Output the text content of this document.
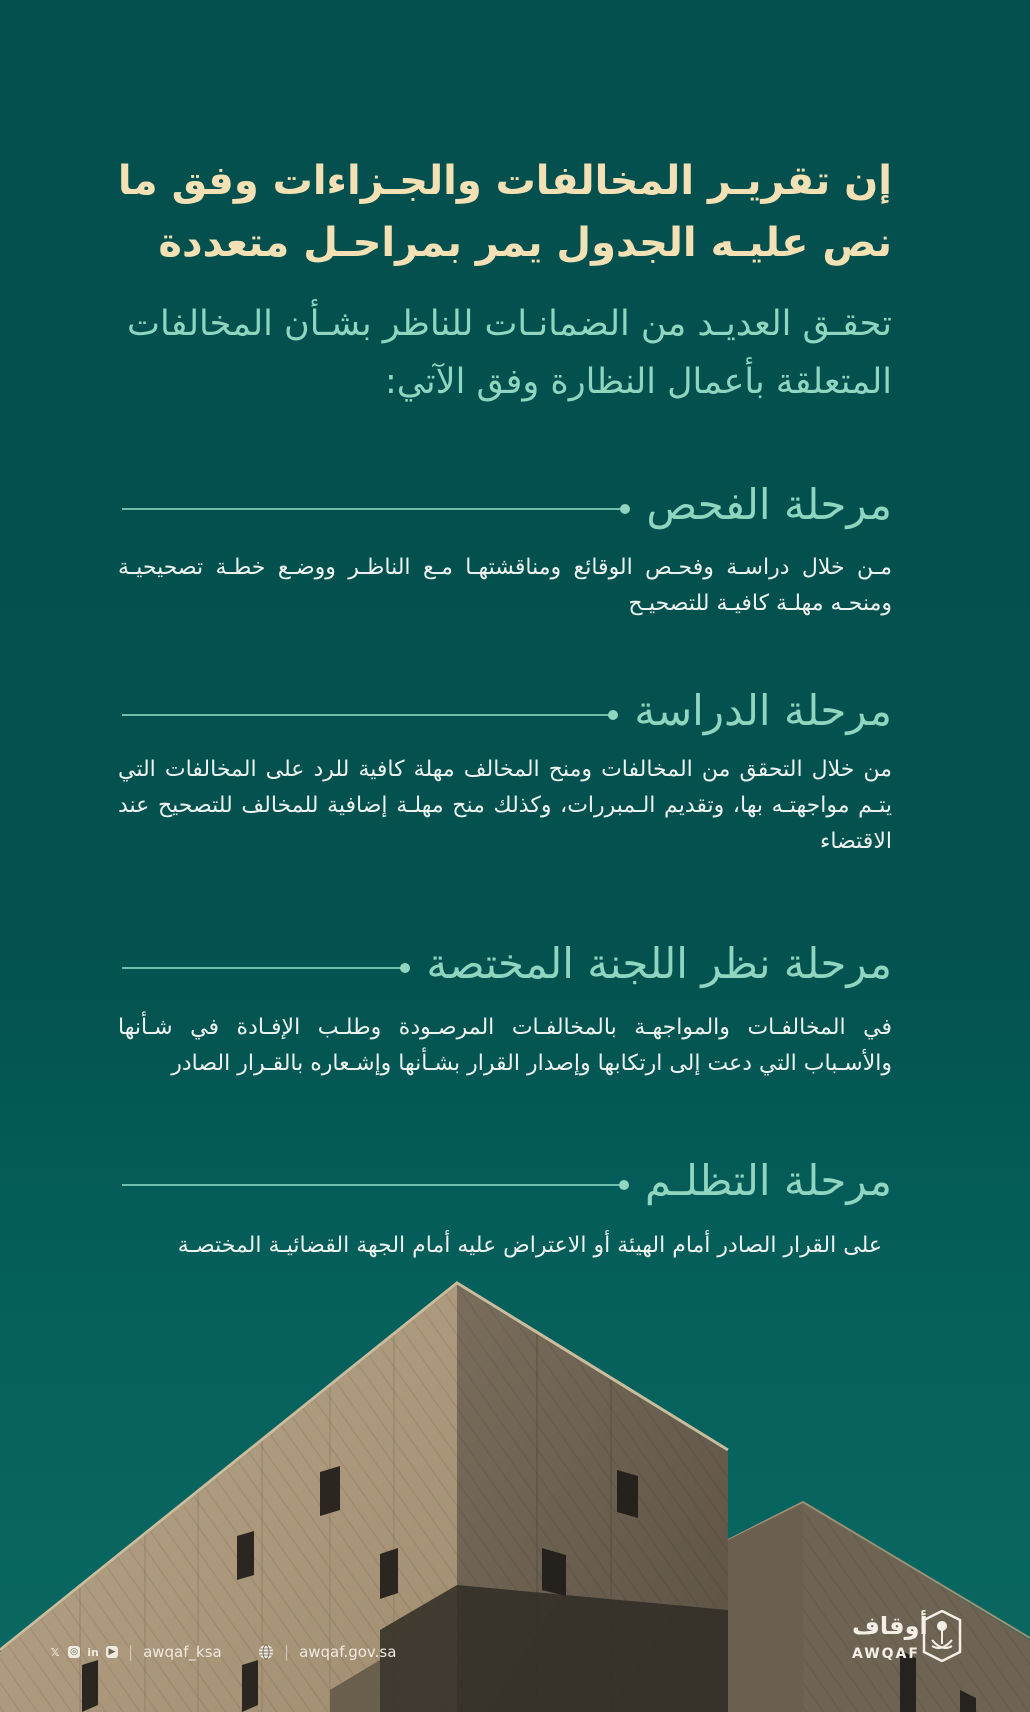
إن تقريـر المخالفات والجـزاءات وفق ما نص عليـه الجدول يمر بمراحـل متعددة

تحقـق العديـد من الضمانـات للناظر بشـأن المخالفات المتعلقة بأعمال النظارة وفق الآتي:

مرحلة الفحص

مـن خلال دراسـة وفحـص الوقائع ومناقشتهـا مـع الناظـر ووضـع خطـة تصحيحيـة ومنحـه مهلـة كافيـة للتصحيـح

مرحلة الدراسة

من خلال التحقق من المخالفات ومنح المخالف مهلة كافية للرد على المخالفات التي يتـم مواجهتـه بها، وتقديم الـمبررات، وكذلك منح مهلـة إضافية للمخالف للتصحيح عند الاقتضاء

مرحلة نظر اللجنة المختصة

في المخالفـات والمواجهـة بالمخالفـات المرصـودة وطلـب الإفـادة في شـأنها والأسـباب التي دعت إلى ارتكابها وإصدار القرار بشـأنها وإشـعاره بالقـرار الصادر

مرحلة التظلـم

على القرار الصادر أمام الهيئة أو الاعتراض عليه أمام الجهة القضائيـة المختصـة

𝕏 ◎ in ▶ | awqaf_ksa	| awqaf.gov.sa
أوقاف
AWQAF
